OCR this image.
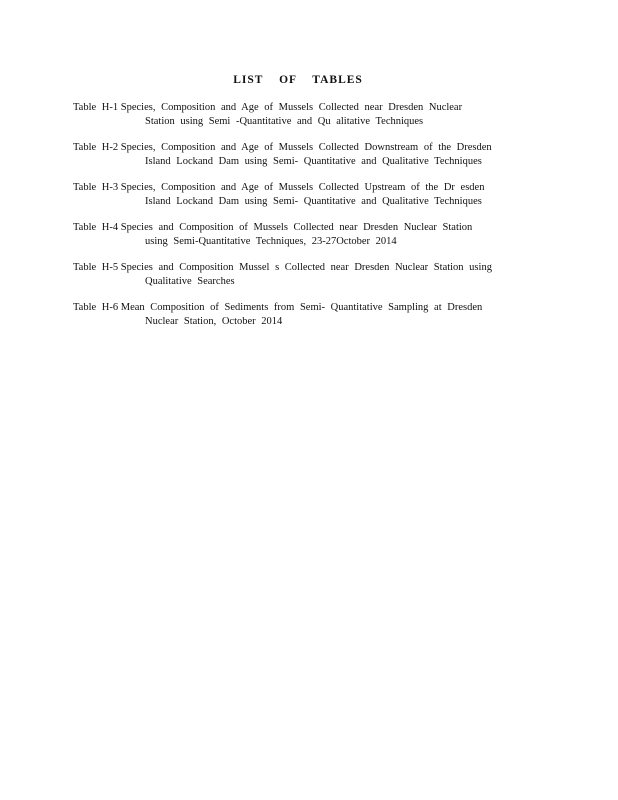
LIST OF TABLES
Table H-1 Species, Composition and Age of Mussels Collected near Dresden Nuclear
Station using Semi -Quantitative and Qu alitative Techniques
Table H-2 Species, Composition and Age of Mussels Collected Downstream of the Dresden
Island Lockand Dam using Semi- Quantitative and Qualitative Techniques
Table H-3 Species, Composition and Age of Mussels Collected Upstream of the Dr esden
Island Lockand Dam using Semi- Quantitative and Qualitative Techniques
Table H-4 Species and Composition of Mussels Collected near Dresden Nuclear Station
using Semi-Quantitative Techniques, 23-27October 2014
Table H-5 Species and Composition Mussel s Collected near Dresden Nuclear Station using
Qualitative Searches
Table H-6 Mean Composition of Sediments from Semi- Quantitative Sampling at Dresden
Nuclear Station, October 2014
